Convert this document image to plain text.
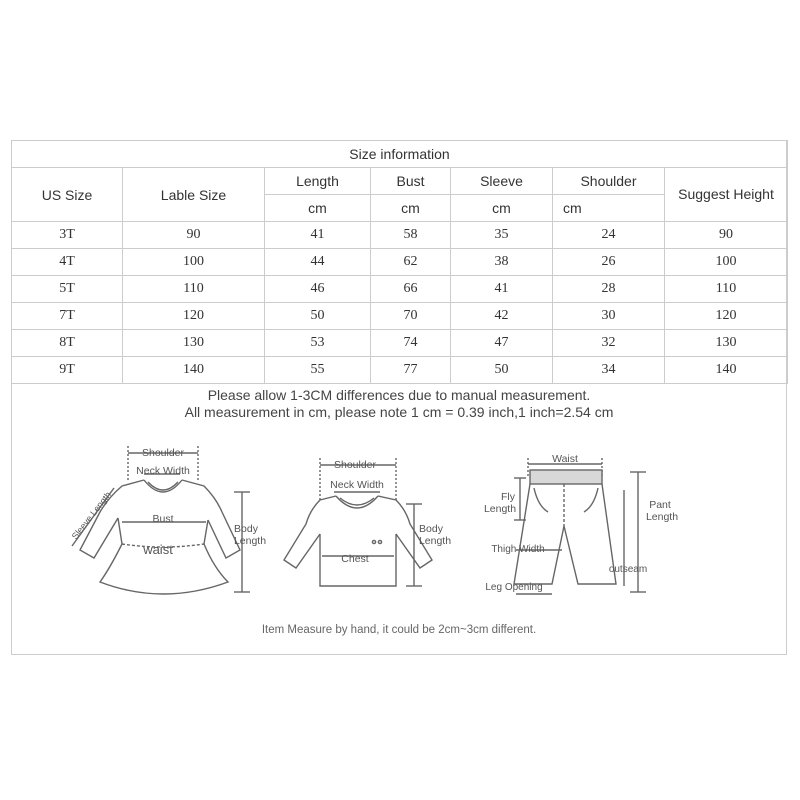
Size information						
US Size	Lable Size	Length	Bust	Sleeve	Shoulder	Suggest Height
		cm	cm	cm	cm	
3T	90	41	58	35	24	90
4T	100	44	62	38	26	100
5T	110	46	66	41	28	110
7T	120	50	70	42	30	120
8T	130	53	74	47	32	130
9T	140	55	77	50	34	140
Please allow 1-3CM differences due to manual measurement.
All measurement in cm, please note 1 cm = 0.39 inch,1 inch=2.54 cm
Shoulder
Neck Width
Sleeve Length	Bust
waist
Body
Length
Shoulder
Neck Width
Chest
Body
Length
Waist
Fly
Length	Pant
Length
Thigh Width
Leg Opening
outseam
Item Measure by hand, it could be 2cm~3cm different.
